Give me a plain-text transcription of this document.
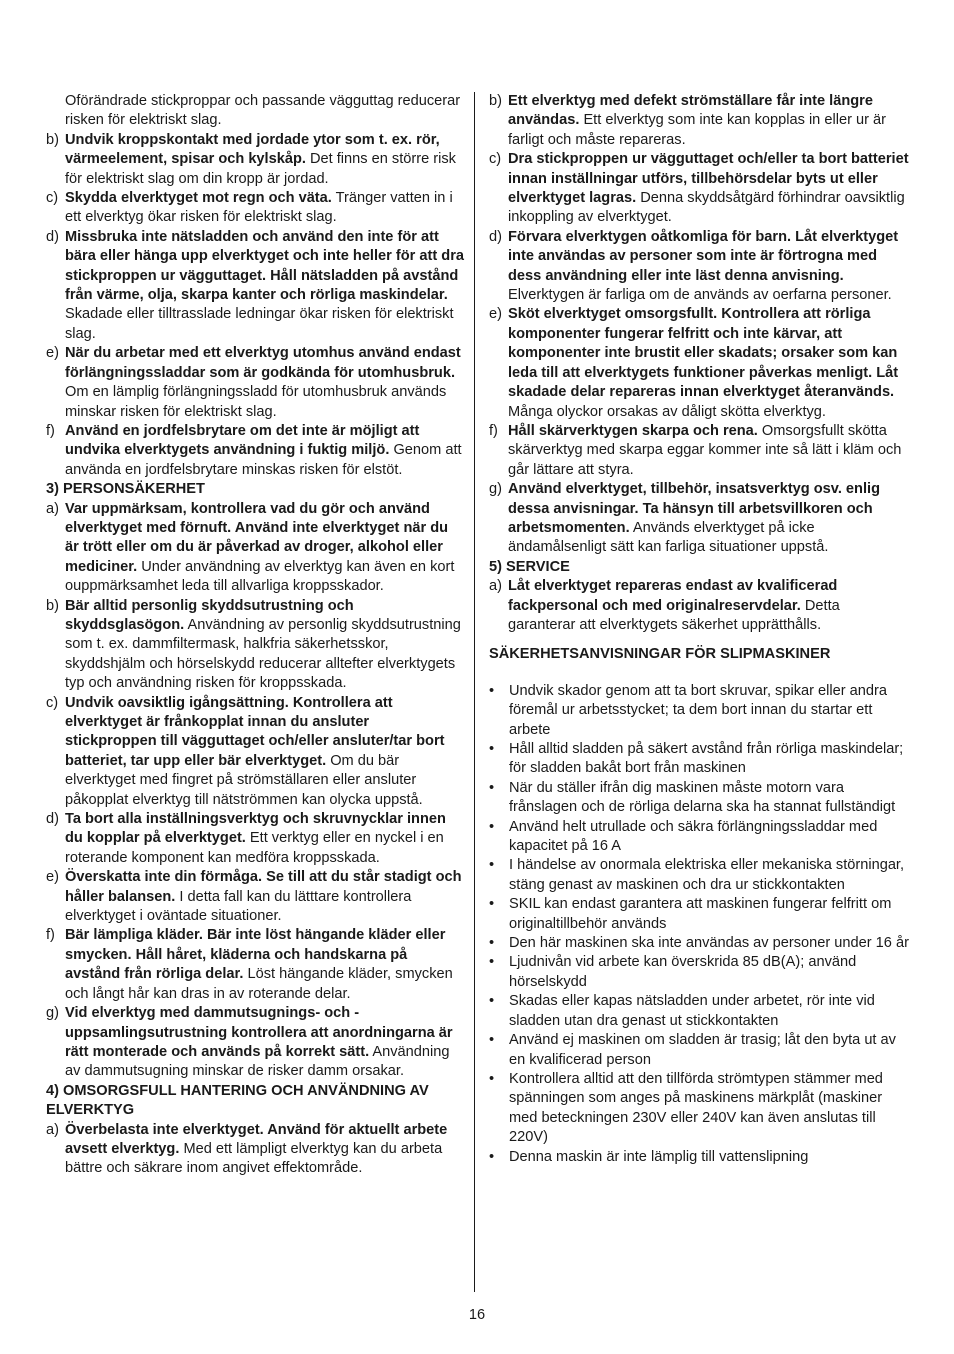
Oförändrade stickproppar och passande vägguttag reducerar risken för elektriskt slag.
b) Undvik kroppskontakt med jordade ytor som t. ex. rör, värmeelement, spisar och kylskåp. Det finns en större risk för elektriskt slag om din kropp är jordad.
c) Skydda elverktyget mot regn och väta. Tränger vatten in i ett elverktyg ökar risken för elektriskt slag.
d) Missbruka inte nätsladden och använd den inte för att bära eller hänga upp elverktyget och inte heller för att dra stickproppen ur vägguttaget. Håll nätsladden på avstånd från värme, olja, skarpa kanter och rörliga maskindelar. Skadade eller tilltrasslade ledningar ökar risken för elektriskt slag.
e) När du arbetar med ett elverktyg utomhus använd endast förlängningssladdar som är godkända för utomhusbruk. Om en lämplig förlängningssladd för utomhusbruk används minskar risken för elektriskt slag.
f) Använd en jordfelsbrytare om det inte är möjligt att undvika elverktygets användning i fuktig miljö. Genom att använda en jordfelsbrytare minskas risken för elstöt.
3) PERSONSÄKERHET
a) Var uppmärksam, kontrollera vad du gör och använd elverktyget med förnuft. Använd inte elverktyget när du är trött eller om du är påverkad av droger, alkohol eller mediciner. Under användning av elverktyg kan även en kort ouppmärksamhet leda till allvarliga kroppsskador.
b) Bär alltid personlig skyddsutrustning och skyddsglasögon. Användning av personlig skyddsutrustning som t. ex. dammfiltermask, halkfria säkerhetsskor, skyddshjälm och hörselskydd reducerar alltefter elverktygets typ och användning risken för kroppsskada.
c) Undvik oavsiktlig igångsättning. Kontrollera att elverktyget är frånkopplat innan du ansluter stickproppen till vägguttaget och/eller ansluter/tar bort batteriet, tar upp eller bär elverktyget. Om du bär elverktyget med fingret på strömställaren eller ansluter påkopplat elverktyg till nätströmmen kan olycka uppstå.
d) Ta bort alla inställningsverktyg och skruvnycklar innen du kopplar på elverktyget. Ett verktyg eller en nyckel i en roterande komponent kan medföra kroppsskada.
e) Överskatta inte din förmåga. Se till att du står stadigt och håller balansen. I detta fall kan du lätttare kontrollera elverktyget i oväntade situationer.
f) Bär lämpliga kläder. Bär inte löst hängande kläder eller smycken. Håll håret, kläderna och handskarna på avstånd från rörliga delar. Löst hängande kläder, smycken och långt hår kan dras in av roterande delar.
g) Vid elverktyg med dammutsugnings- och -uppsamlingsutrustning kontrollera att anordningarna är rätt monterade och används på korrekt sätt. Användning av dammutsugning minskar de risker damm orsakar.
4) OMSORGSFULL HANTERING OCH ANVÄNDNING AV ELVERKTYG
a) Överbelasta inte elverktyget. Använd för aktuellt arbete avsett elverktyg. Med ett lämpligt elverktyg kan du arbeta bättre och säkrare inom angivet effektområde.
b) Ett elverktyg med defekt strömställare får inte längre användas. Ett elverktyg som inte kan kopplas in eller ur är farligt och måste repareras.
c) Dra stickproppen ur vägguttaget och/eller ta bort batteriet innan inställningar utförs, tillbehörsdelar byts ut eller elverktyget lagras. Denna skyddsåtgärd förhindrar oavsiktlig inkoppling av elverktyget.
d) Förvara elverktygen oåtkomliga för barn. Låt elverktyget inte användas av personer som inte är förtrogna med dess användning eller inte läst denna anvisning. Elverktygen är farliga om de används av oerfarna personer.
e) Sköt elverktyget omsorgsfullt. Kontrollera att rörliga komponenter fungerar felfritt och inte kärvar, att komponenter inte brustit eller skadats; orsaker som kan leda till att elverktygets funktioner påverkas menligt. Låt skadade delar repareras innan elverktyget återanvänds. Många olyckor orsakas av dåligt skötta elverktyg.
f) Håll skärverktygen skarpa och rena. Omsorgsfullt skötta skärverktyg med skarpa eggar kommer inte så lätt i kläm och går lättare att styra.
g) Använd elverktyget, tillbehör, insatsverktyg osv. enlig dessa anvisningar. Ta hänsyn till arbetsvillkoren och arbetsmomenten. Används elverktyget på icke ändamålsenligt sätt kan farliga situationer uppstå.
5) SERVICE
a) Låt elverktyget repareras endast av kvalificerad fackpersonal och med originalreservdelar. Detta garanterar att elverktygets säkerhet upprätthålls.
SÄKERHETSANVISNINGAR FÖR SLIPMASKINER
• Undvik skador genom att ta bort skruvar, spikar eller andra föremål ur arbetsstycket; ta dem bort innan du startar ett arbete
• Håll alltid sladden på säkert avstånd från rörliga maskindelar; för sladden bakåt bort från maskinen
• När du ställer ifrån dig maskinen måste motorn vara frånslagen och de rörliga delarna ska ha stannat fullständigt
• Använd helt utrullade och säkra förlängningssladdar med kapacitet på 16 A
• I händelse av onormala elektriska eller mekaniska störningar, stäng genast av maskinen och dra ur stickkontakten
• SKIL kan endast garantera att maskinen fungerar felfritt om originaltillbehör används
• Den här maskinen ska inte användas av personer under 16 år
• Ljudnivån vid arbete kan överskrida 85 dB(A); använd hörselskydd
• Skadas eller kapas nätsladden under arbetet, rör inte vid sladden utan dra genast ut stickkontakten
• Använd ej maskinen om sladden är trasig; låt den byta ut av en kvalificerad person
• Kontrollera alltid att den tillförda strömtypen stämmer med spänningen som anges på maskinens märkplåt (maskiner med beteckningen 230V eller 240V kan även anslutas till 220V)
• Denna maskin är inte lämplig till vattenslipning
16
